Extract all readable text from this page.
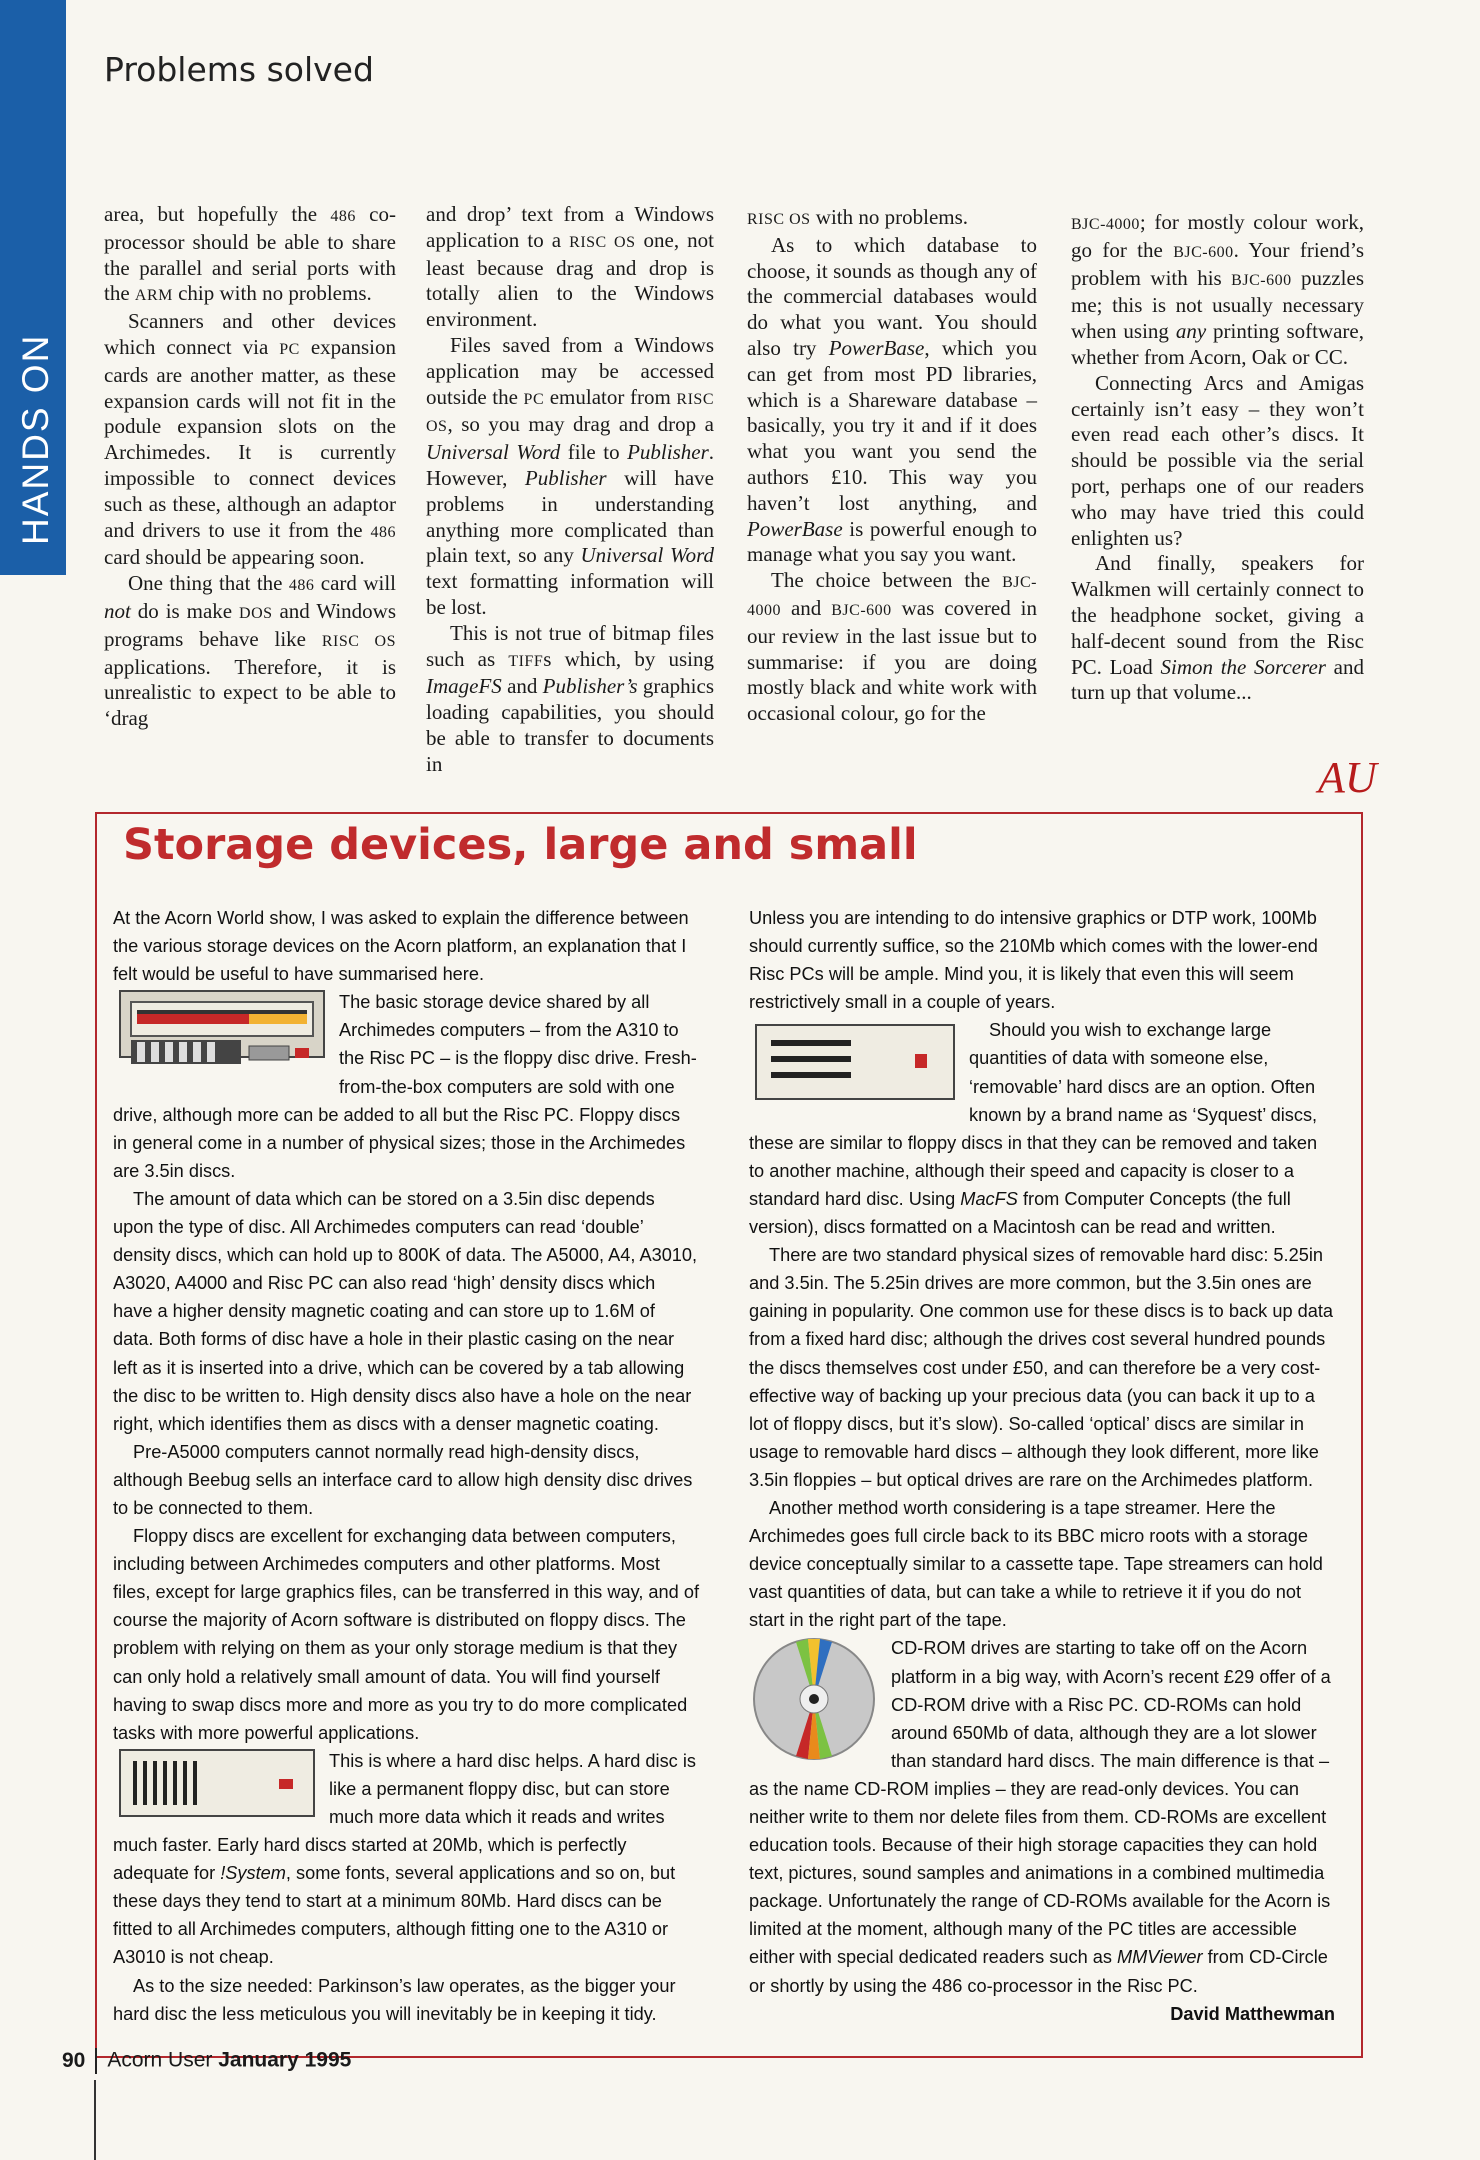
HANDS ON
Problems solved

area, but hopefully the 486 co-processor should be able to share the parallel and serial ports with the ARM chip with no problems.

Scanners and other devices which connect via PC expansion cards are another matter, as these expansion cards will not fit in the podule expansion slots on the Archimedes. It is currently impossible to connect devices such as these, although an adaptor and drivers to use it from the 486 card should be appearing soon.

One thing that the 486 card will not do is make DOS and Windows programs behave like RISC OS applications. Therefore, it is unrealistic to expect to be able to ‘drag

and drop’ text from a Windows application to a RISC OS one, not least because drag and drop is totally alien to the Windows environment.

Files saved from a Windows application may be accessed outside the PC emulator from RISC OS, so you may drag and drop a Universal Word file to Publisher. However, Publisher will have problems in understanding anything more complicated than plain text, so any Universal Word text formatting information will be lost.

This is not true of bitmap files such as TIFFs which, by using ImageFS and Publisher’s graphics loading capabilities, you should be able to transfer to documents in

RISC OS with no problems.

As to which database to choose, it sounds as though any of the commercial databases would do what you want. You should also try PowerBase, which you can get from most PD libraries, which is a Shareware database – basically, you try it and if it does what you want you send the authors £10. This way you haven’t lost anything, and PowerBase is powerful enough to manage what you say you want.

The choice between the BJC-4000 and BJC-600 was covered in our review in the last issue but to summarise: if you are doing mostly black and white work with occasional colour, go for the

BJC-4000; for mostly colour work, go for the BJC-600. Your friend’s problem with his BJC-600 puzzles me; this is not usually necessary when using any printing software, whether from Acorn, Oak or CC.

Connecting Arcs and Amigas certainly isn’t easy – they won’t even read each other’s discs. It should be possible via the serial port, perhaps one of our readers who may have tried this could enlighten us?

And finally, speakers for Walkmen will certainly connect to the headphone socket, giving a half-decent sound from the Risc PC. Load Simon the Sorcerer and turn up that volume...

AU
Storage devices, large and small

At the Acorn World show, I was asked to explain the difference between the various storage devices on the Acorn platform, an explanation that I felt would be useful to have summarised here.

The basic storage device shared by all Archimedes computers – from the A310 to the Risc PC – is the floppy disc drive. Fresh-from-the-box computers are sold with one drive, although more can be added to all but the Risc PC. Floppy discs in general come in a number of physical sizes; those in the Archimedes are 3.5in discs.

The amount of data which can be stored on a 3.5in disc depends upon the type of disc. All Archimedes computers can read ‘double’ density discs, which can hold up to 800K of data. The A5000, A4, A3010, A3020, A4000 and Risc PC can also read ‘high’ density discs which have a higher density magnetic coating and can store up to 1.6M of data. Both forms of disc have a hole in their plastic casing on the near left as it is inserted into a drive, which can be covered by a tab allowing the disc to be written to. High density discs also have a hole on the near right, which identifies them as discs with a denser magnetic coating.

Pre-A5000 computers cannot normally read high-density discs, although Beebug sells an interface card to allow high density disc drives to be connected to them.

Floppy discs are excellent for exchanging data between computers, including between Archimedes computers and other platforms. Most files, except for large graphics files, can be transferred in this way, and of course the majority of Acorn software is distributed on floppy discs. The problem with relying on them as your only storage medium is that they can only hold a relatively small amount of data. You will find yourself having to swap discs more and more as you try to do more complicated tasks with more powerful applications.

This is where a hard disc helps. A hard disc is like a permanent floppy disc, but can store much more data which it reads and writes much faster. Early hard discs started at 20Mb, which is perfectly adequate for !System, some fonts, several applications and so on, but these days they tend to start at a minimum 80Mb. Hard discs can be fitted to all Archimedes computers, although fitting one to the A310 or A3010 is not cheap.

As to the size needed: Parkinson’s law operates, as the bigger your hard disc the less meticulous you will inevitably be in keeping it tidy.

Unless you are intending to do intensive graphics or DTP work, 100Mb should currently suffice, so the 210Mb which comes with the lower-end Risc PCs will be ample. Mind you, it is likely that even this will seem restrictively small in a couple of years.

Should you wish to exchange large quantities of data with someone else, ‘removable’ hard discs are an option. Often known by a brand name as ‘Syquest’ discs, these are similar to floppy discs in that they can be removed and taken to another machine, although their speed and capacity is closer to a standard hard disc. Using MacFS from Computer Concepts (the full version), discs formatted on a Macintosh can be read and written.

There are two standard physical sizes of removable hard disc: 5.25in and 3.5in. The 5.25in drives are more common, but the 3.5in ones are gaining in popularity. One common use for these discs is to back up data from a fixed hard disc; although the drives cost several hundred pounds the discs themselves cost under £50, and can therefore be a very cost-effective way of backing up your precious data (you can back it up to a lot of floppy discs, but it’s slow). So-called ‘optical’ discs are similar in usage to removable hard discs – although they look different, more like 3.5in floppies – but optical drives are rare on the Archimedes platform.

Another method worth considering is a tape streamer. Here the Archimedes goes full circle back to its BBC micro roots with a storage device conceptually similar to a cassette tape. Tape streamers can hold vast quantities of data, but can take a while to retrieve it if you do not start in the right part of the tape.

CD-ROM drives are starting to take off on the Acorn platform in a big way, with Acorn’s recent £29 offer of a CD-ROM drive with a Risc PC. CD-ROMs can hold around 650Mb of data, although they are a lot slower than standard hard discs. The main difference is that – as the name CD-ROM implies – they are read-only devices. You can neither write to them nor delete files from them. CD-ROMs are excellent education tools. Because of their high storage capacities they can hold text, pictures, sound samples and animations in a combined multimedia package. Unfortunately the range of CD-ROMs available for the Acorn is limited at the moment, although many of the PC titles are accessible either with special dedicated readers such as MMViewer from CD-Circle or shortly by using the 486 co-processor in the Risc PC.

David Matthewman

90 Acorn User January 1995
